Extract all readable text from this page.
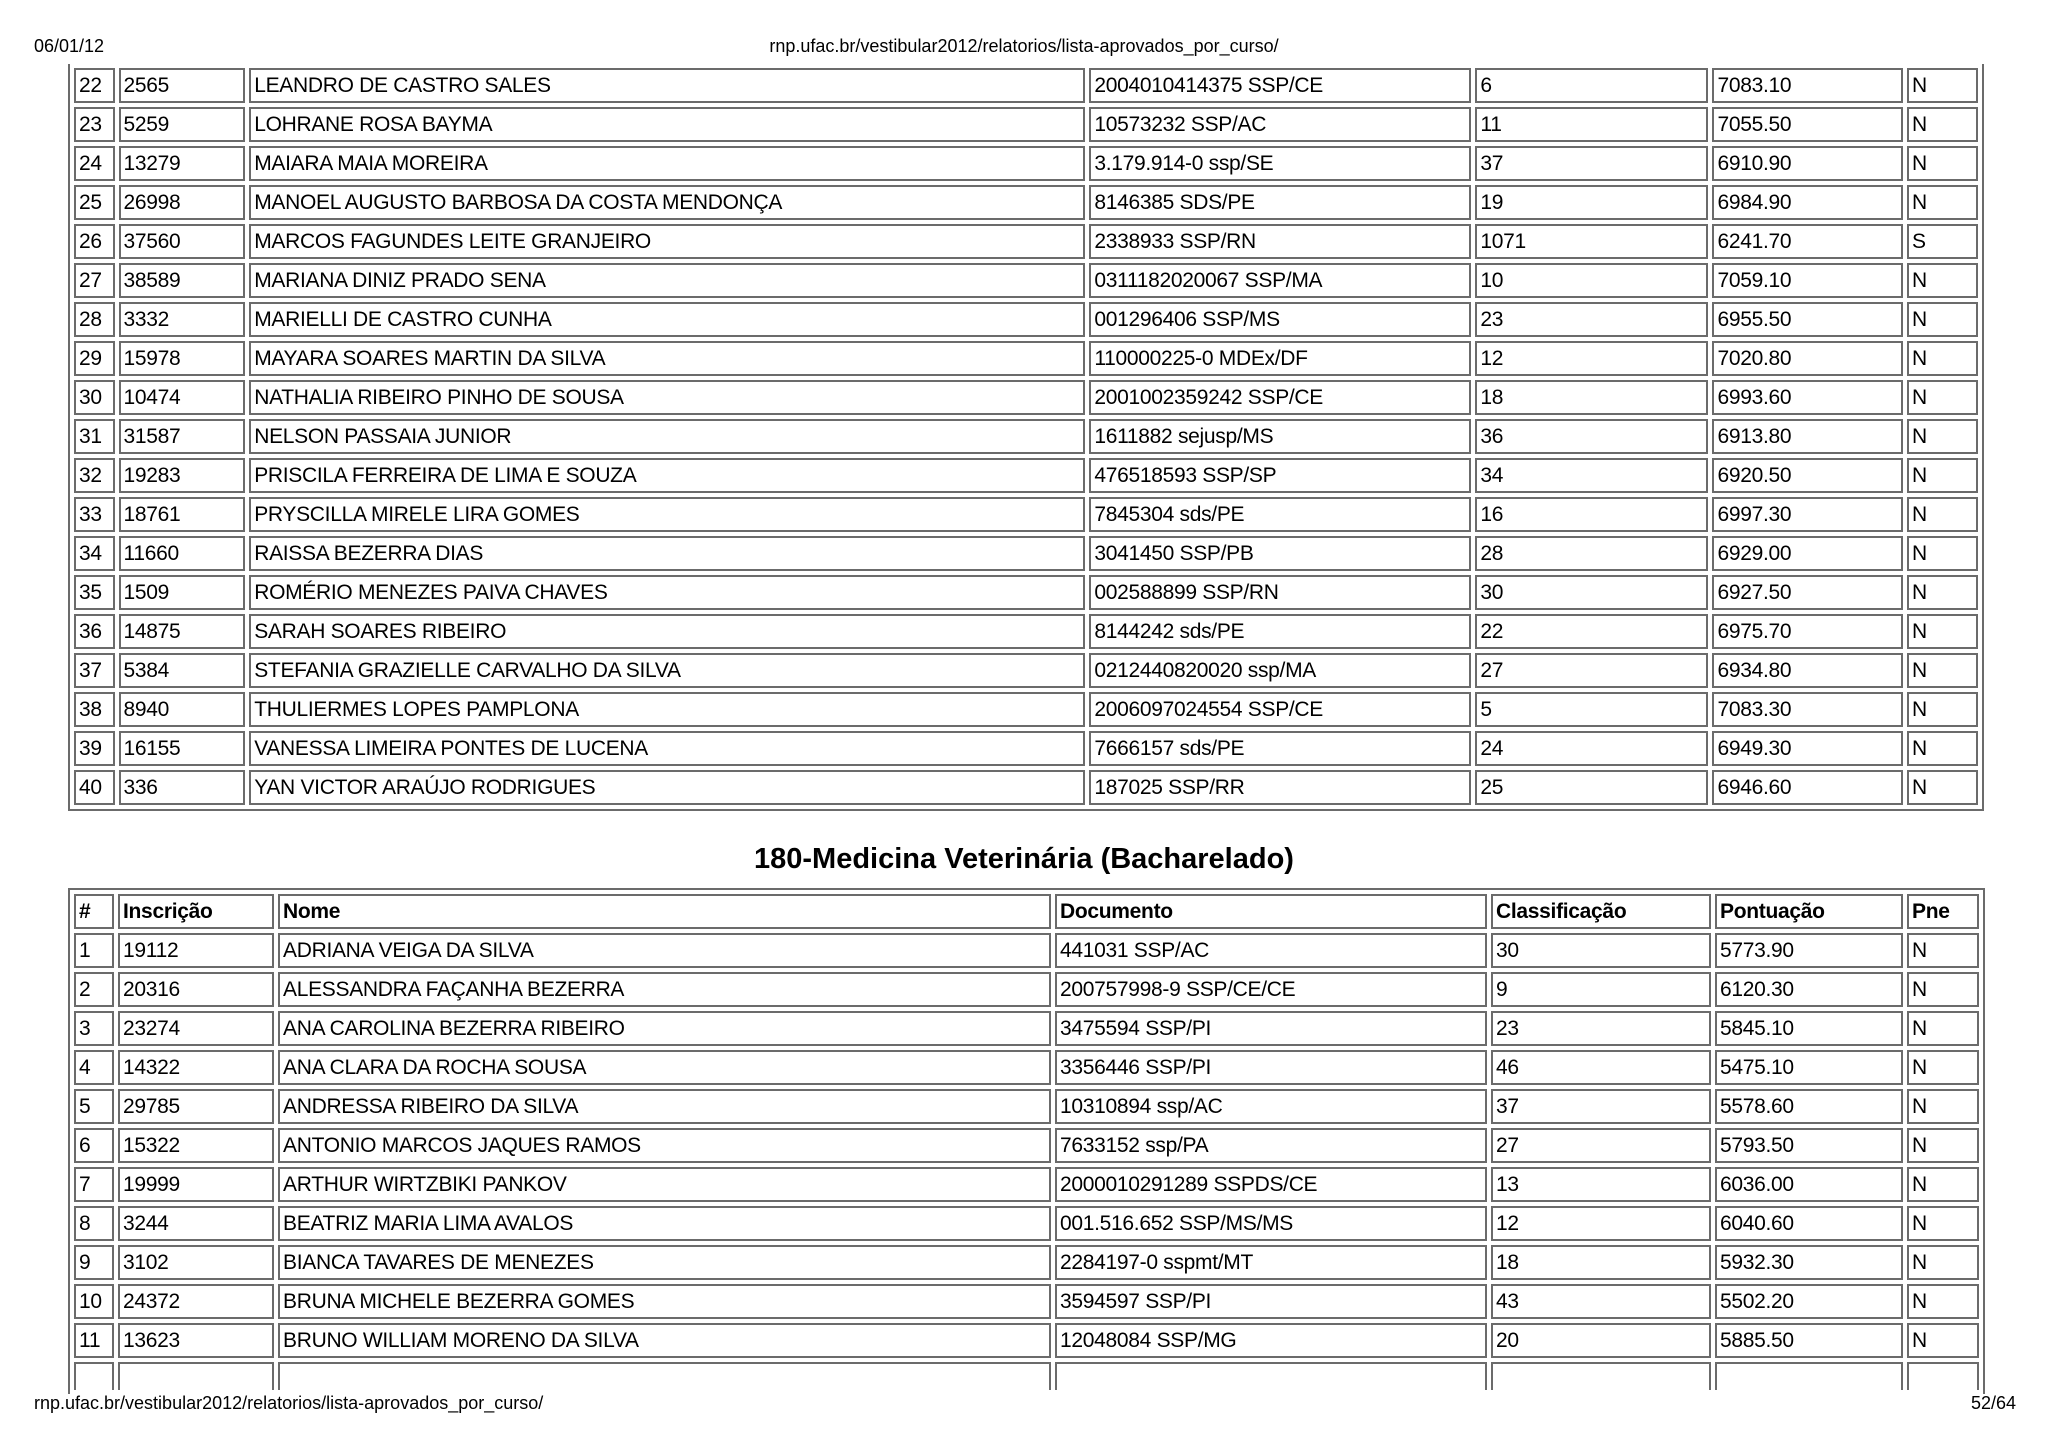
06/01/12	rnp.ufac.br/vestibular2012/relatorios/lista-aprovados_por_curso/
22	2565	LEANDRO DE CASTRO SALES	2004010414375 SSP/CE	6	7083.10	N
23	5259	LOHRANE ROSA BAYMA	10573232 SSP/AC	11	7055.50	N
24	13279	MAIARA MAIA MOREIRA	3.179.914-0 ssp/SE	37	6910.90	N
25	26998	MANOEL AUGUSTO BARBOSA DA COSTA MENDONÇA	8146385 SDS/PE	19	6984.90	N
26	37560	MARCOS FAGUNDES LEITE GRANJEIRO	2338933 SSP/RN	1071	6241.70	S
27	38589	MARIANA DINIZ PRADO SENA	0311182020067 SSP/MA	10	7059.10	N
28	3332	MARIELLI DE CASTRO CUNHA	001296406 SSP/MS	23	6955.50	N
29	15978	MAYARA SOARES MARTIN DA SILVA	110000225-0 MDEx/DF	12	7020.80	N
30	10474	NATHALIA RIBEIRO PINHO DE SOUSA	2001002359242 SSP/CE	18	6993.60	N
31	31587	NELSON PASSAIA JUNIOR	1611882 sejusp/MS	36	6913.80	N
32	19283	PRISCILA FERREIRA DE LIMA E SOUZA	476518593 SSP/SP	34	6920.50	N
33	18761	PRYSCILLA MIRELE LIRA GOMES	7845304 sds/PE	16	6997.30	N
34	11660	RAISSA BEZERRA DIAS	3041450 SSP/PB	28	6929.00	N
35	1509	ROMÉRIO MENEZES PAIVA CHAVES	002588899 SSP/RN	30	6927.50	N
36	14875	SARAH SOARES RIBEIRO	8144242 sds/PE	22	6975.70	N
37	5384	STEFANIA GRAZIELLE CARVALHO DA SILVA	0212440820020 ssp/MA	27	6934.80	N
38	8940	THULIERMES LOPES PAMPLONA	2006097024554 SSP/CE	5	7083.30	N
39	16155	VANESSA LIMEIRA PONTES DE LUCENA	7666157 sds/PE	24	6949.30	N
40	336	YAN VICTOR ARAÚJO RODRIGUES	187025 SSP/RR	25	6946.60	N
180-Medicina Veterinária (Bacharelado)
#	Inscrição	Nome	Documento	Classificação	Pontuação	Pne
1	19112	ADRIANA VEIGA DA SILVA	441031 SSP/AC	30	5773.90	N
2	20316	ALESSANDRA FAÇANHA BEZERRA	200757998-9 SSP/CE/CE	9	6120.30	N
3	23274	ANA CAROLINA BEZERRA RIBEIRO	3475594 SSP/PI	23	5845.10	N
4	14322	ANA CLARA DA ROCHA SOUSA	3356446 SSP/PI	46	5475.10	N
5	29785	ANDRESSA RIBEIRO DA SILVA	10310894 ssp/AC	37	5578.60	N
6	15322	ANTONIO MARCOS JAQUES RAMOS	7633152 ssp/PA	27	5793.50	N
7	19999	ARTHUR WIRTZBIKI PANKOV	2000010291289 SSPDS/CE	13	6036.00	N
8	3244	BEATRIZ MARIA LIMA AVALOS	001.516.652 SSP/MS/MS	12	6040.60	N
9	3102	BIANCA TAVARES DE MENEZES	2284197-0 sspmt/MT	18	5932.30	N
10	24372	BRUNA MICHELE BEZERRA GOMES	3594597 SSP/PI	43	5502.20	N
11	13623	BRUNO WILLIAM MORENO DA SILVA	12048084 SSP/MG	20	5885.50	N

rnp.ufac.br/vestibular2012/relatorios/lista-aprovados_por_curso/	52/64
